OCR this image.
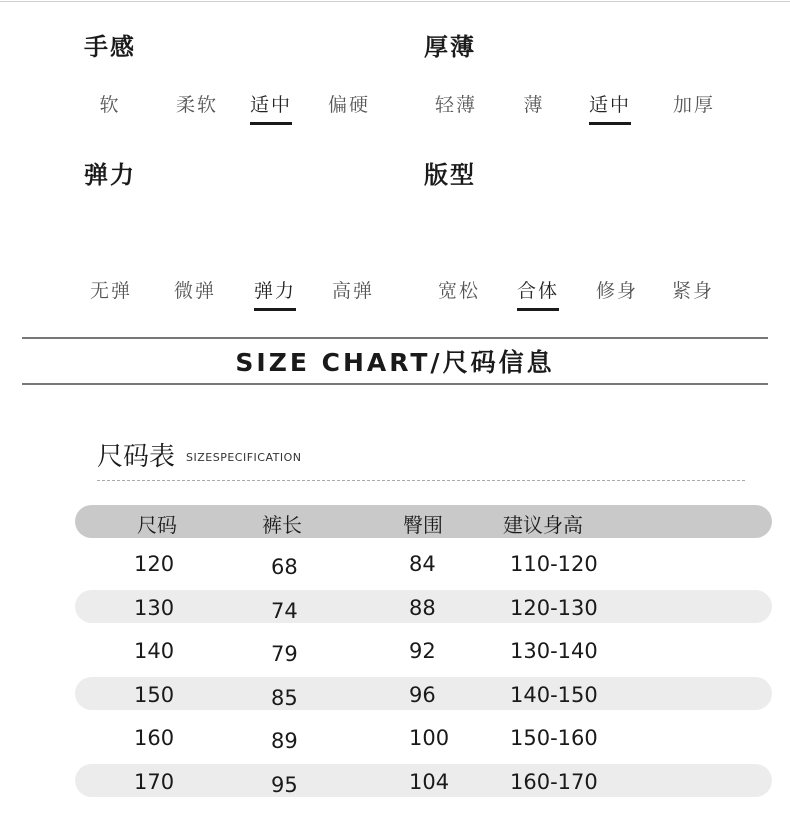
手感
软	柔软	适中	偏硬
厚薄
轻薄	薄	适中	加厚
弹力
无弹	微弹	弹力	高弹
版型
宽松	合体	修身	紧身
SIZE CHART/尺码信息
尺码表 SIZESPECIFICATION
尺码	裤长	臀围	建议身高
120	68	84	110-120
130	74	88	120-130
140	79	92	130-140
150	85	96	140-150
160	89	100	150-160
170	95	104	160-170
